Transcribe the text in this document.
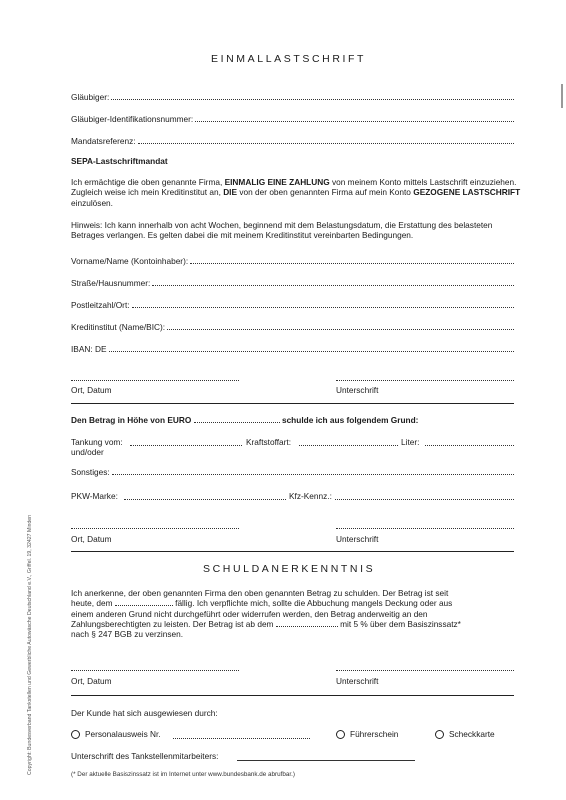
EINMALLASTSCHRIFT
Gläubiger:
Gläubiger-Identifikationsnummer:
Mandatsreferenz:
SEPA-Lastschriftmandat
Ich ermächtige die oben genannte Firma, EINMALIG EINE ZAHLUNG von meinem Konto mittels Lastschrift einzuziehen. Zugleich weise ich mein Kreditinstitut an, DIE von der oben genannten Firma auf mein Konto GEZOGENE LASTSCHRIFT einzulösen.
Hinweis: Ich kann innerhalb von acht Wochen, beginnend mit dem Belastungsdatum, die Erstattung des belasteten Betrages verlangen. Es gelten dabei die mit meinem Kreditinstitut vereinbarten Bedingungen.
Vorname/Name (Kontoinhaber):
Straße/Hausnummer:
Postleitzahl/Ort:
Kreditinstitut (Name/BIC):
IBAN: DE
Ort, Datum	Unterschrift
Den Betrag in Höhe von EURO	schulde ich aus folgendem Grund:
Tankung vom:	Kraftstoffart:	Liter:
und/oder
Sonstiges:
PKW-Marke:	Kfz-Kennz.:
Ort, Datum	Unterschrift
SCHULDANERKENNTNIS
Ich anerkenne, der oben genannten Firma den oben genannten Betrag zu schulden. Der Betrag ist seit
heute, dem	fällig. Ich verpflichte mich, sollte die Abbuchung mangels Deckung oder aus
einem anderen Grund nicht durchgeführt oder widerrufen werden, den Betrag anderweitig an den
Zahlungsberechtigten zu leisten. Der Betrag ist ab dem	mit 5 % über dem Basiszinssatz*
nach § 247 BGB zu verzinsen.
Ort, Datum	Unterschrift
Der Kunde hat sich ausgewiesen durch:
Personalausweis Nr.	Führerschein	Scheckkarte
Unterschrift des Tankstellenmitarbeiters:
(* Der aktuelle Basiszinssatz ist im Internet unter www.bundesbank.de abrufbar.)
Copyright: Bundesverband Tankstellen und Gewerbliche Autowäsche Deutschland e.V., Griffel. 19, 32427 Minden
